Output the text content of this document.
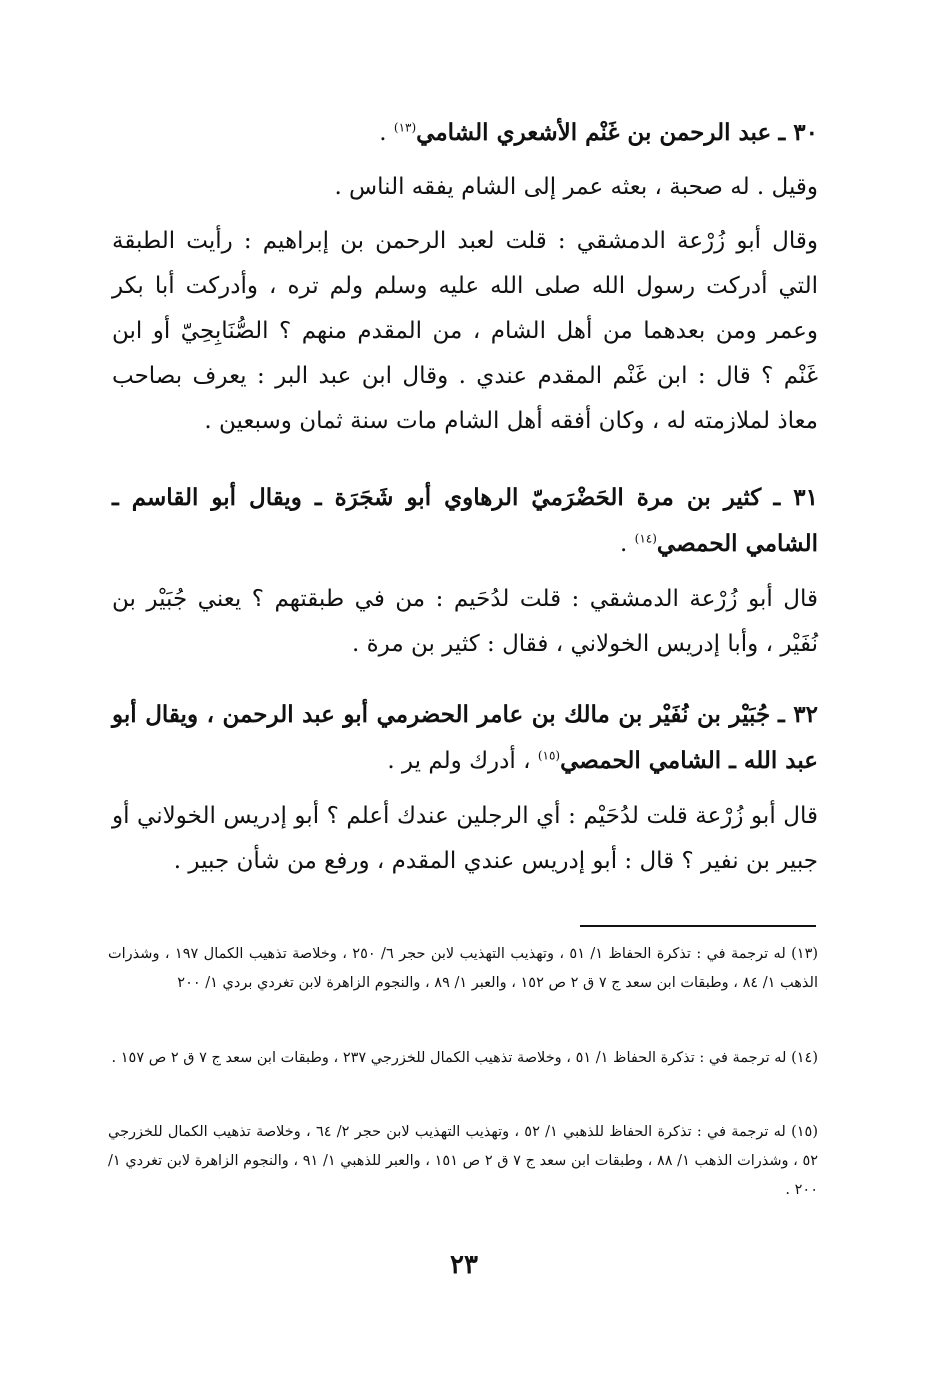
٣٠ ـ عبد الرحمن بن غَنْم الأشعري الشامي$^{(١٣)}$ .

وقيل . له صحبة ، بعثه عمر إلى الشام يفقه الناس .

وقال أبو زُرْعة الدمشقي : قلت لعبد الرحمن بن إبراهيم : رأيت الطبقة التي أدركت رسول الله صلى الله عليه وسلم ولم تره ، وأدركت أبا بكر وعمر ومن بعدهما من أهل الشام ، من المقدم منهم ؟ الصُّنَابِحِيّ أو ابن غَنْم ؟ قال : ابن غَنْم المقدم عندي . وقال ابن عبد البر : يعرف بصاحب معاذ لملازمته له ، وكان أفقه أهل الشام مات سنة ثمان وسبعين .

٣١ ـ كثير بن مرة الحَضْرَميّ الرهاوي أبو شَجَرَة ـ ويقال أبو القاسم ـ الشامي الحمصي$^{(١٤)}$ .

قال أبو زُرْعة الدمشقي : قلت لدُحَيم : من في طبقتهم ؟ يعني جُبَيْر بن نُفَيْر ، وأبا إدريس الخولاني ، فقال : كثير بن مرة .

٣٢ ـ جُبَيْر بن نُفَيْر بن مالك بن عامر الحضرمي أبو عبد الرحمن ، ويقال أبو عبد الله ـ الشامي الحمصي$^{(١٥)}$ ، أدرك ولم ير .

قال أبو زُرْعة قلت لدُحَيْم : أي الرجلين عندك أعلم ؟ أبو إدريس الخولاني أو جبير بن نفير ؟ قال : أبو إدريس عندي المقدم ، ورفع من شأن جبير .

(١٣) له ترجمة في : تذكرة الحفاظ ١/ ٥١ ، وتهذيب التهذيب لابن حجر ٦/ ٢٥٠ ، وخلاصة تذهيب الكمال ١٩٧ ، وشذرات الذهب ١/ ٨٤ ، وطبقات ابن سعد ج ٧ ق ٢ ص ١٥٢ ، والعبر ١/ ٨٩ ، والنجوم الزاهرة لابن تغردي بردي ١/ ٢٠٠

(١٤) له ترجمة في : تذكرة الحفاظ ١/ ٥١ ، وخلاصة تذهيب الكمال للخزرجي ٢٣٧ ، وطبقات ابن سعد ج ٧ ق ٢ ص ١٥٧ .

(١٥) له ترجمة في : تذكرة الحفاظ للذهبي ١/ ٥٢ ، وتهذيب التهذيب لابن حجر ٢/ ٦٤ ، وخلاصة تذهيب الكمال للخزرجي ٥٢ ، وشذرات الذهب ١/ ٨٨ ، وطبقات ابن سعد ج ٧ ق ٢ ص ١٥١ ، والعبر للذهبي ١/ ٩١ ، والنجوم الزاهرة لابن تغردي ١/ ٢٠٠ .

٢٣
